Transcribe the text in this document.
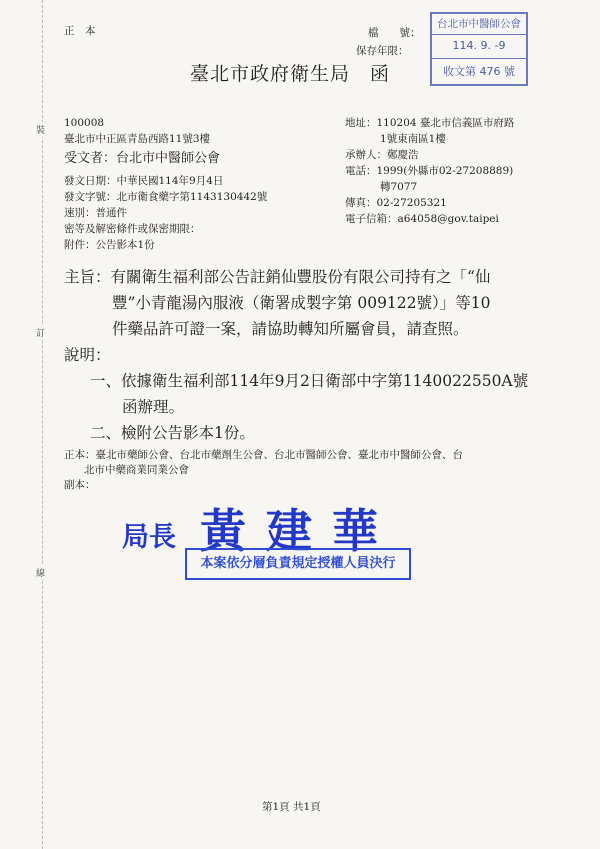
裝
訂
線
正　本	檔　　號：
保存年限：
台北市中醫師公會
114. 9. -9
收文第 476 號
臺北市政府衛生局　函
100008
臺北市中正區青島西路11號3樓
地址：110204 臺北市信義區市府路
1號東南區1樓
承辦人：鄭慶浩
電話：1999(外縣市02-27208889)
轉7077
傳真：02-27205321
電子信箱：a64058@gov.taipei
受文者：台北市中醫師公會
發文日期：中華民國114年9月4日
發文字號：北市衛食藥字第1143130442號
速別：普通件
密等及解密條件或保密期限：
附件：公告影本1份
主旨：有關衛生福利部公告註銷仙豐股份有限公司持有之「“仙
豐”小青龍湯內服液（衛署成製字第 009122號）」等10
件藥品許可證一案，請協助轉知所屬會員，請查照。
說明：
一、依據衛生福利部114年9月2日衛部中字第1140022550A號
函辦理。
二、檢附公告影本1份。
正本：臺北市藥師公會、台北市藥劑生公會、台北市醫師公會、臺北市中醫師公會、台
北市中藥商業同業公會
副本：
局長 黃建華
本案依分層負責規定授權人員決行
第1頁 共1頁
